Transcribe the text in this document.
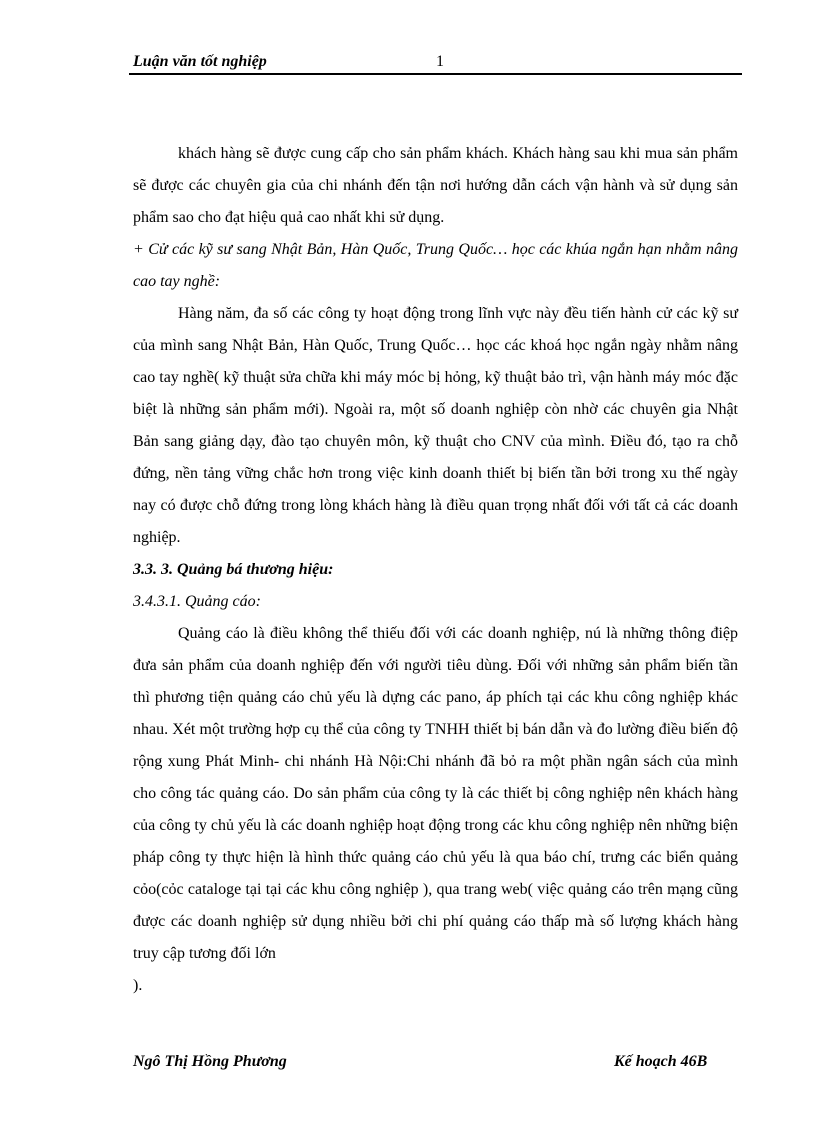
Luận văn tốt nghiệp	1

khách hàng sẽ được cung cấp cho sản phẩm khách. Khách hàng sau khi mua sản phẩm sẽ được các chuyên gia của chi nhánh đến tận nơi hướng dẫn cách vận hành và sử dụng sản phẩm sao cho đạt hiệu quả cao nhất khi sử dụng.

+ Cử các kỹ sư sang Nhật Bản, Hàn Quốc, Trung Quốc… học các khúa ngắn hạn nhằm nâng cao tay nghề:

Hàng năm, đa số các công ty hoạt động trong lĩnh vực này đều tiến hành cử các kỹ sư của mình sang Nhật Bản, Hàn Quốc, Trung Quốc… học các khoá học ngắn ngày nhằm nâng cao tay nghề( kỹ thuật sửa chữa khi máy móc bị hỏng, kỹ thuật bảo trì, vận hành máy móc đặc biệt là những sản phẩm mới). Ngoài ra, một số doanh nghiệp còn nhờ các chuyên gia Nhật Bản sang giảng dạy, đào tạo chuyên môn, kỹ thuật cho CNV của mình. Điều đó, tạo ra chỗ đứng, nền tảng vững chắc hơn trong việc kinh doanh thiết bị biến tần bởi trong xu thế ngày nay có được chỗ đứng trong lòng khách hàng là điều quan trọng nhất đối với tất cả các doanh nghiệp.

3.3. 3. Quảng bá thương hiệu:

3.4.3.1. Quảng cáo:

Quảng cáo là điều không thể thiếu đối với các doanh nghiệp, nú là những thông điệp đưa sản phẩm của doanh nghiệp đến với người tiêu dùng. Đối với những sản phẩm biến tần thì phương tiện quảng cáo chủ yếu là dựng các pano, áp phích tại các khu công nghiệp khác nhau. Xét một trường hợp cụ thể của công ty TNHH thiết bị bán dẫn và đo lường điều biến độ rộng xung Phát Minh- chi nhánh Hà Nội:Chi nhánh đã bỏ ra một phần ngân sách của mình cho công tác quảng cáo. Do sản phẩm của công ty là các thiết bị công nghiệp nên khách hàng của công ty chủ yếu là các doanh nghiệp hoạt động trong các khu công nghiệp nên những biện pháp công ty thực hiện là hình thức quảng cáo chủ yếu là qua báo chí, trưng các biển quảng cỏo(cỏc cataloge tại tại các khu công nghiệp ), qua trang web( việc quảng cáo trên mạng cũng được các doanh nghiệp sử dụng nhiều bởi chi phí quảng cáo thấp mà số lượng khách hàng truy cập tương đối lớn

).

Ngô Thị Hồng Phương	Kế hoạch 46B
